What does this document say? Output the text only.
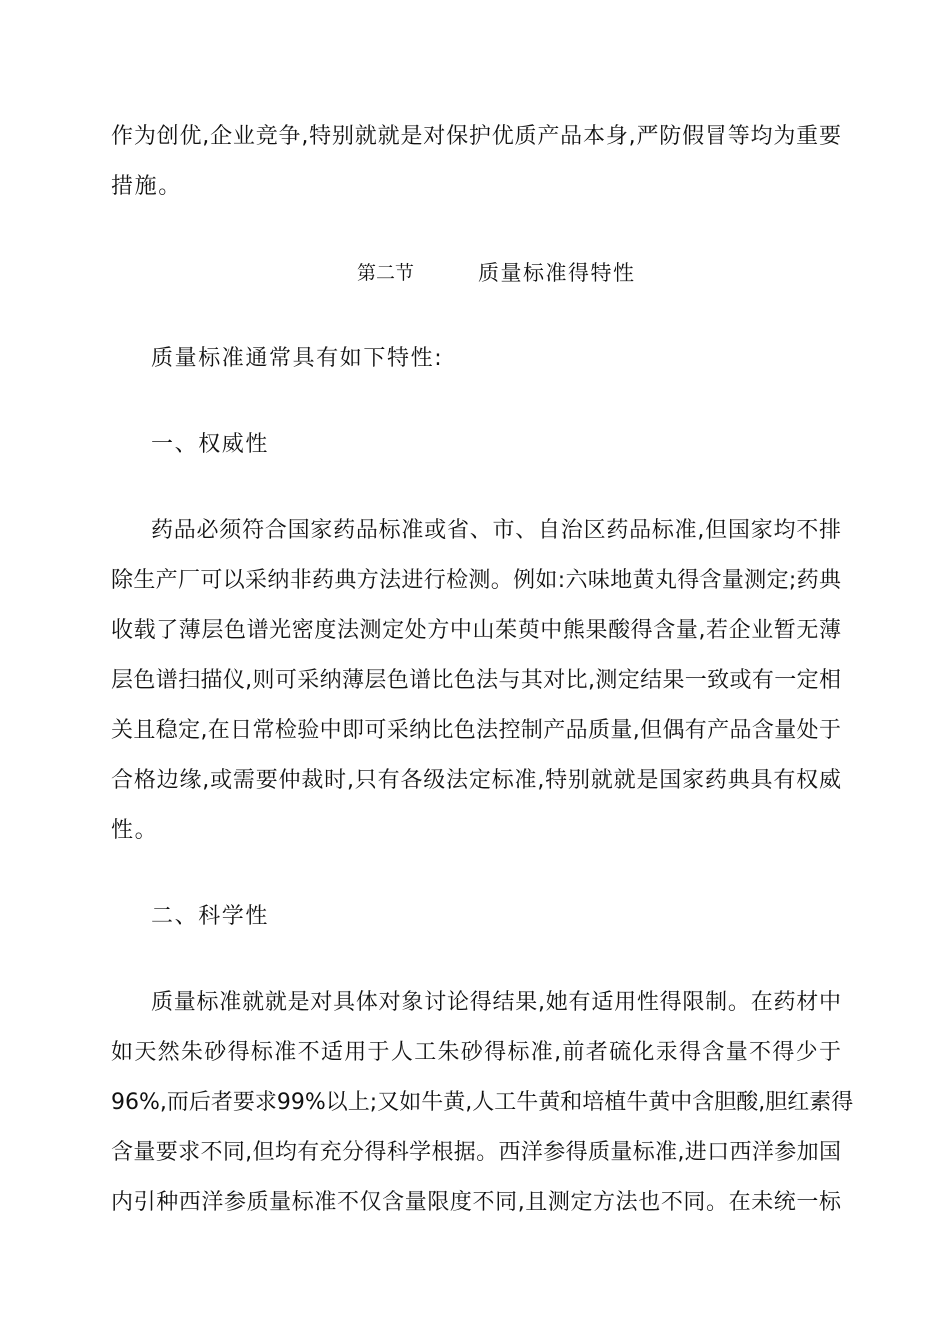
作为创优,企业竞争,特别就就是对保护优质产品本身,严防假冒等均为重要
措施。
第二节	质量标准得特性
质量标准通常具有如下特性:
一、权威性
药品必须符合国家药品标准或省、市、自治区药品标准,但国家均不排
除生产厂可以采纳非药典方法进行检测。例如:六味地黄丸得含量测定;药典
收载了薄层色谱光密度法测定处方中山茱萸中熊果酸得含量,若企业暂无薄
层色谱扫描仪,则可采纳薄层色谱比色法与其对比,测定结果一致或有一定相
关且稳定,在日常检验中即可采纳比色法控制产品质量,但偶有产品含量处于
合格边缘,或需要仲裁时,只有各级法定标准,特别就就是国家药典具有权威
性。
二、科学性
质量标准就就是对具体对象讨论得结果,她有适用性得限制。在药材中
如天然朱砂得标准不适用于人工朱砂得标准,前者硫化汞得含量不得少于
96%,而后者要求99%以上;又如牛黄,人工牛黄和培植牛黄中含胆酸,胆红素得
含量要求不同,但均有充分得科学根据。西洋参得质量标准,进口西洋参加国
内引种西洋参质量标准不仅含量限度不同,且测定方法也不同。在未统一标
